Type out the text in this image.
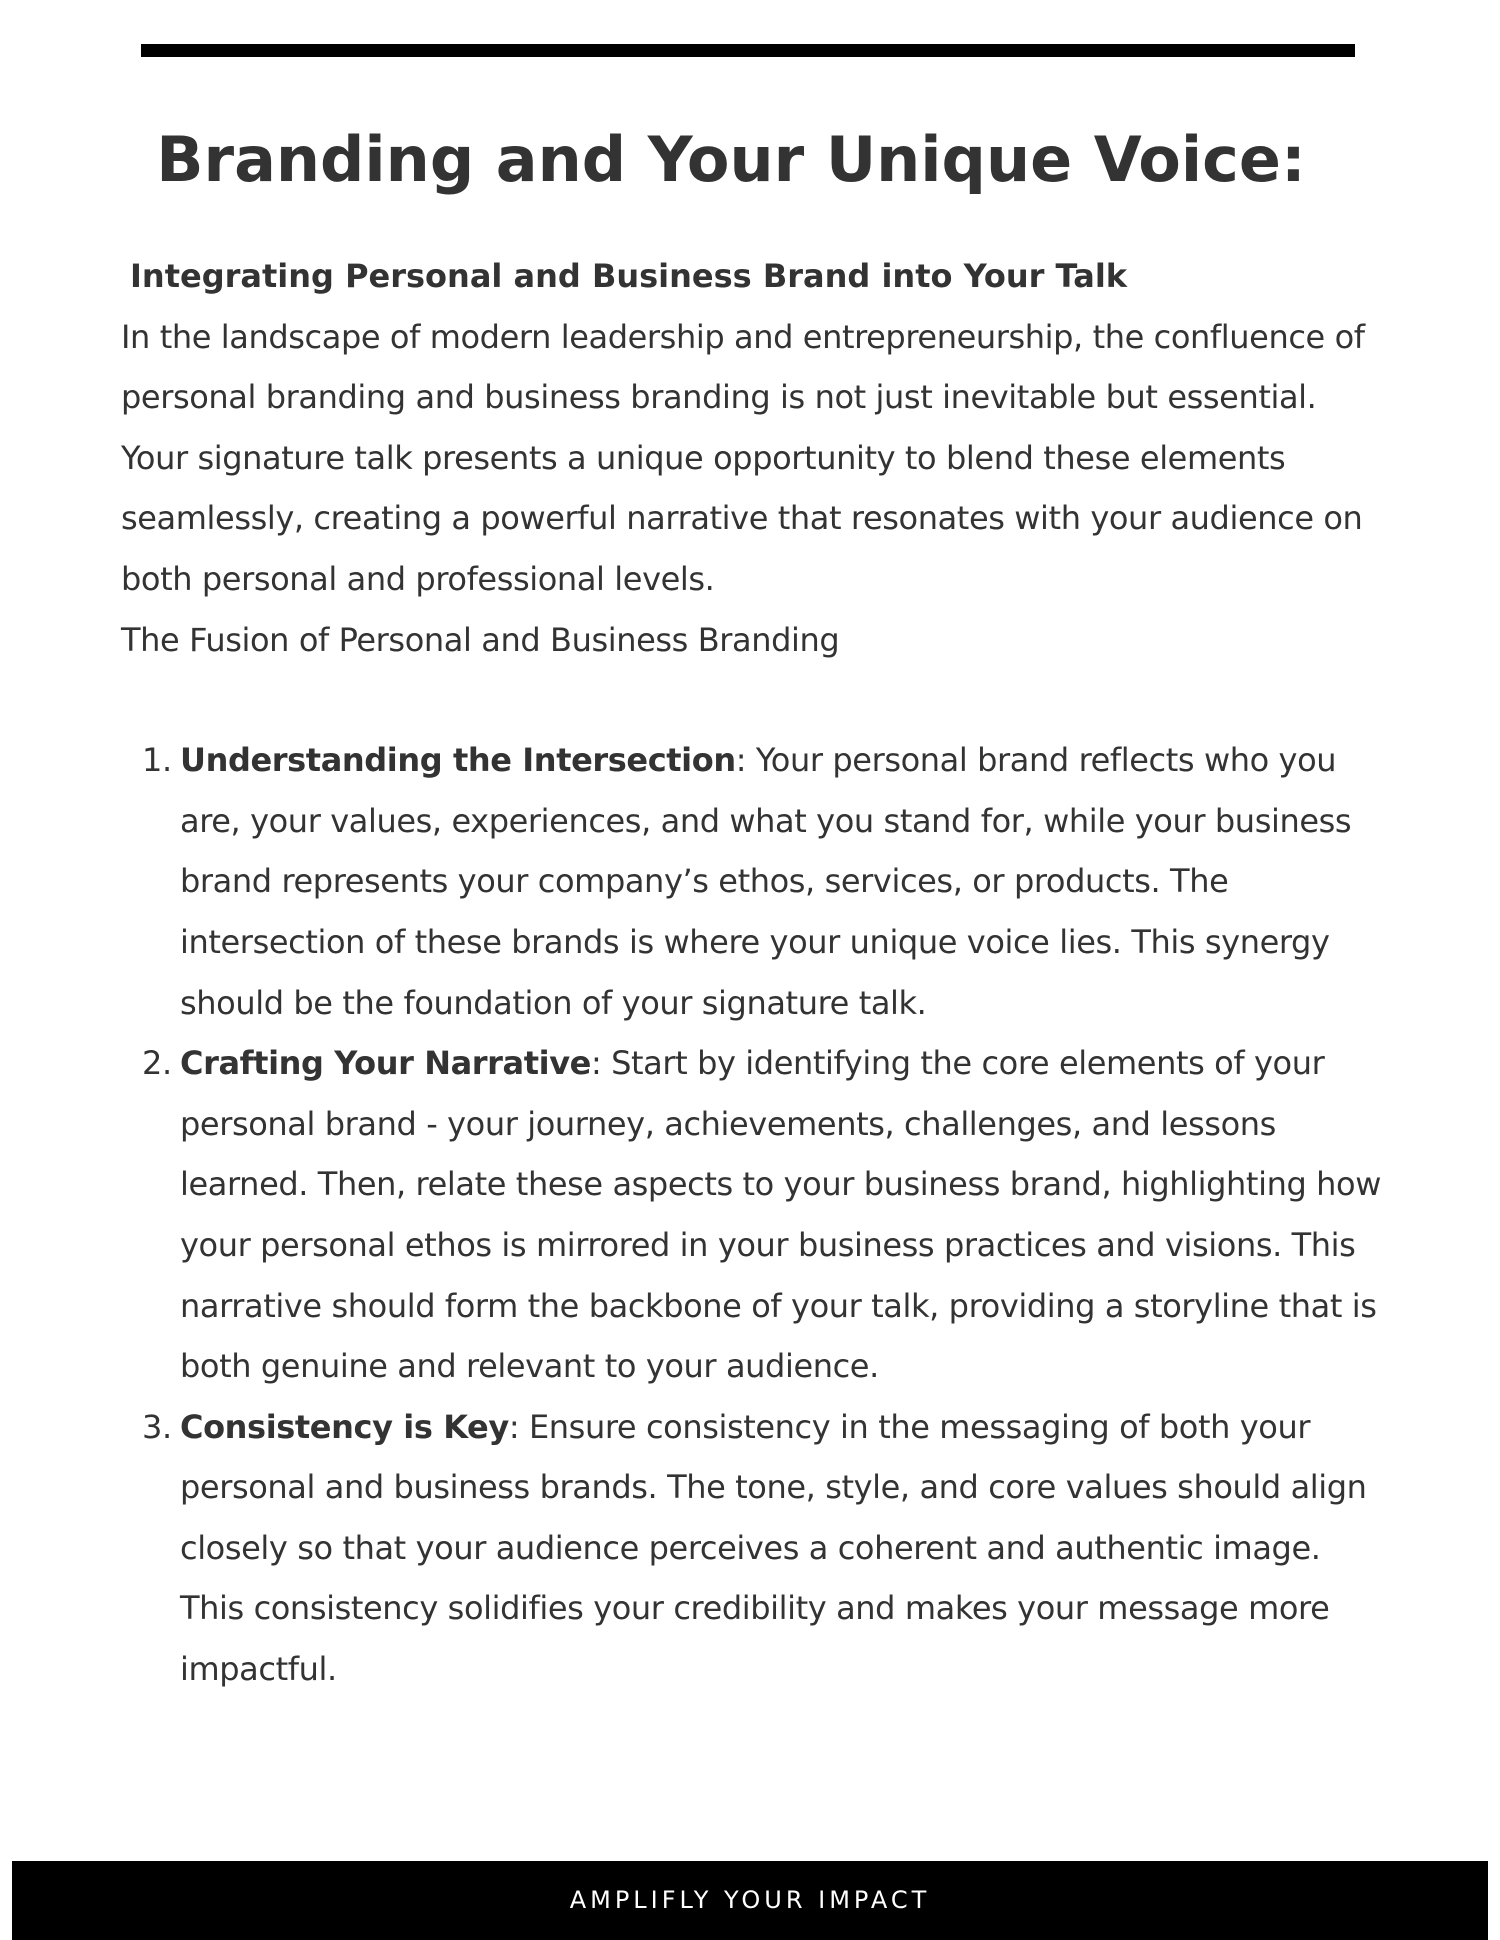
Branding and Your Unique Voice:

Integrating Personal and Business Brand into Your Talk

In the landscape of modern leadership and entrepreneurship, the confluence of personal branding and business branding is not just inevitable but essential. Your signature talk presents a unique opportunity to blend these elements seamlessly, creating a powerful narrative that resonates with your audience on both personal and professional levels.

The Fusion of Personal and Business Branding

1. Understanding the Intersection: Your personal brand reflects who you are, your values, experiences, and what you stand for, while your business brand represents your company’s ethos, services, or products. The intersection of these brands is where your unique voice lies. This synergy should be the foundation of your signature talk.
2. Crafting Your Narrative: Start by identifying the core elements of your personal brand - your journey, achievements, challenges, and lessons learned. Then, relate these aspects to your business brand, highlighting how your personal ethos is mirrored in your business practices and visions. This narrative should form the backbone of your talk, providing a storyline that is both genuine and relevant to your audience.
3. Consistency is Key: Ensure consistency in the messaging of both your personal and business brands. The tone, style, and core values should align closely so that your audience perceives a coherent and authentic image. This consistency solidifies your credibility and makes your message more impactful.
AMPLIFLY YOUR IMPACT
